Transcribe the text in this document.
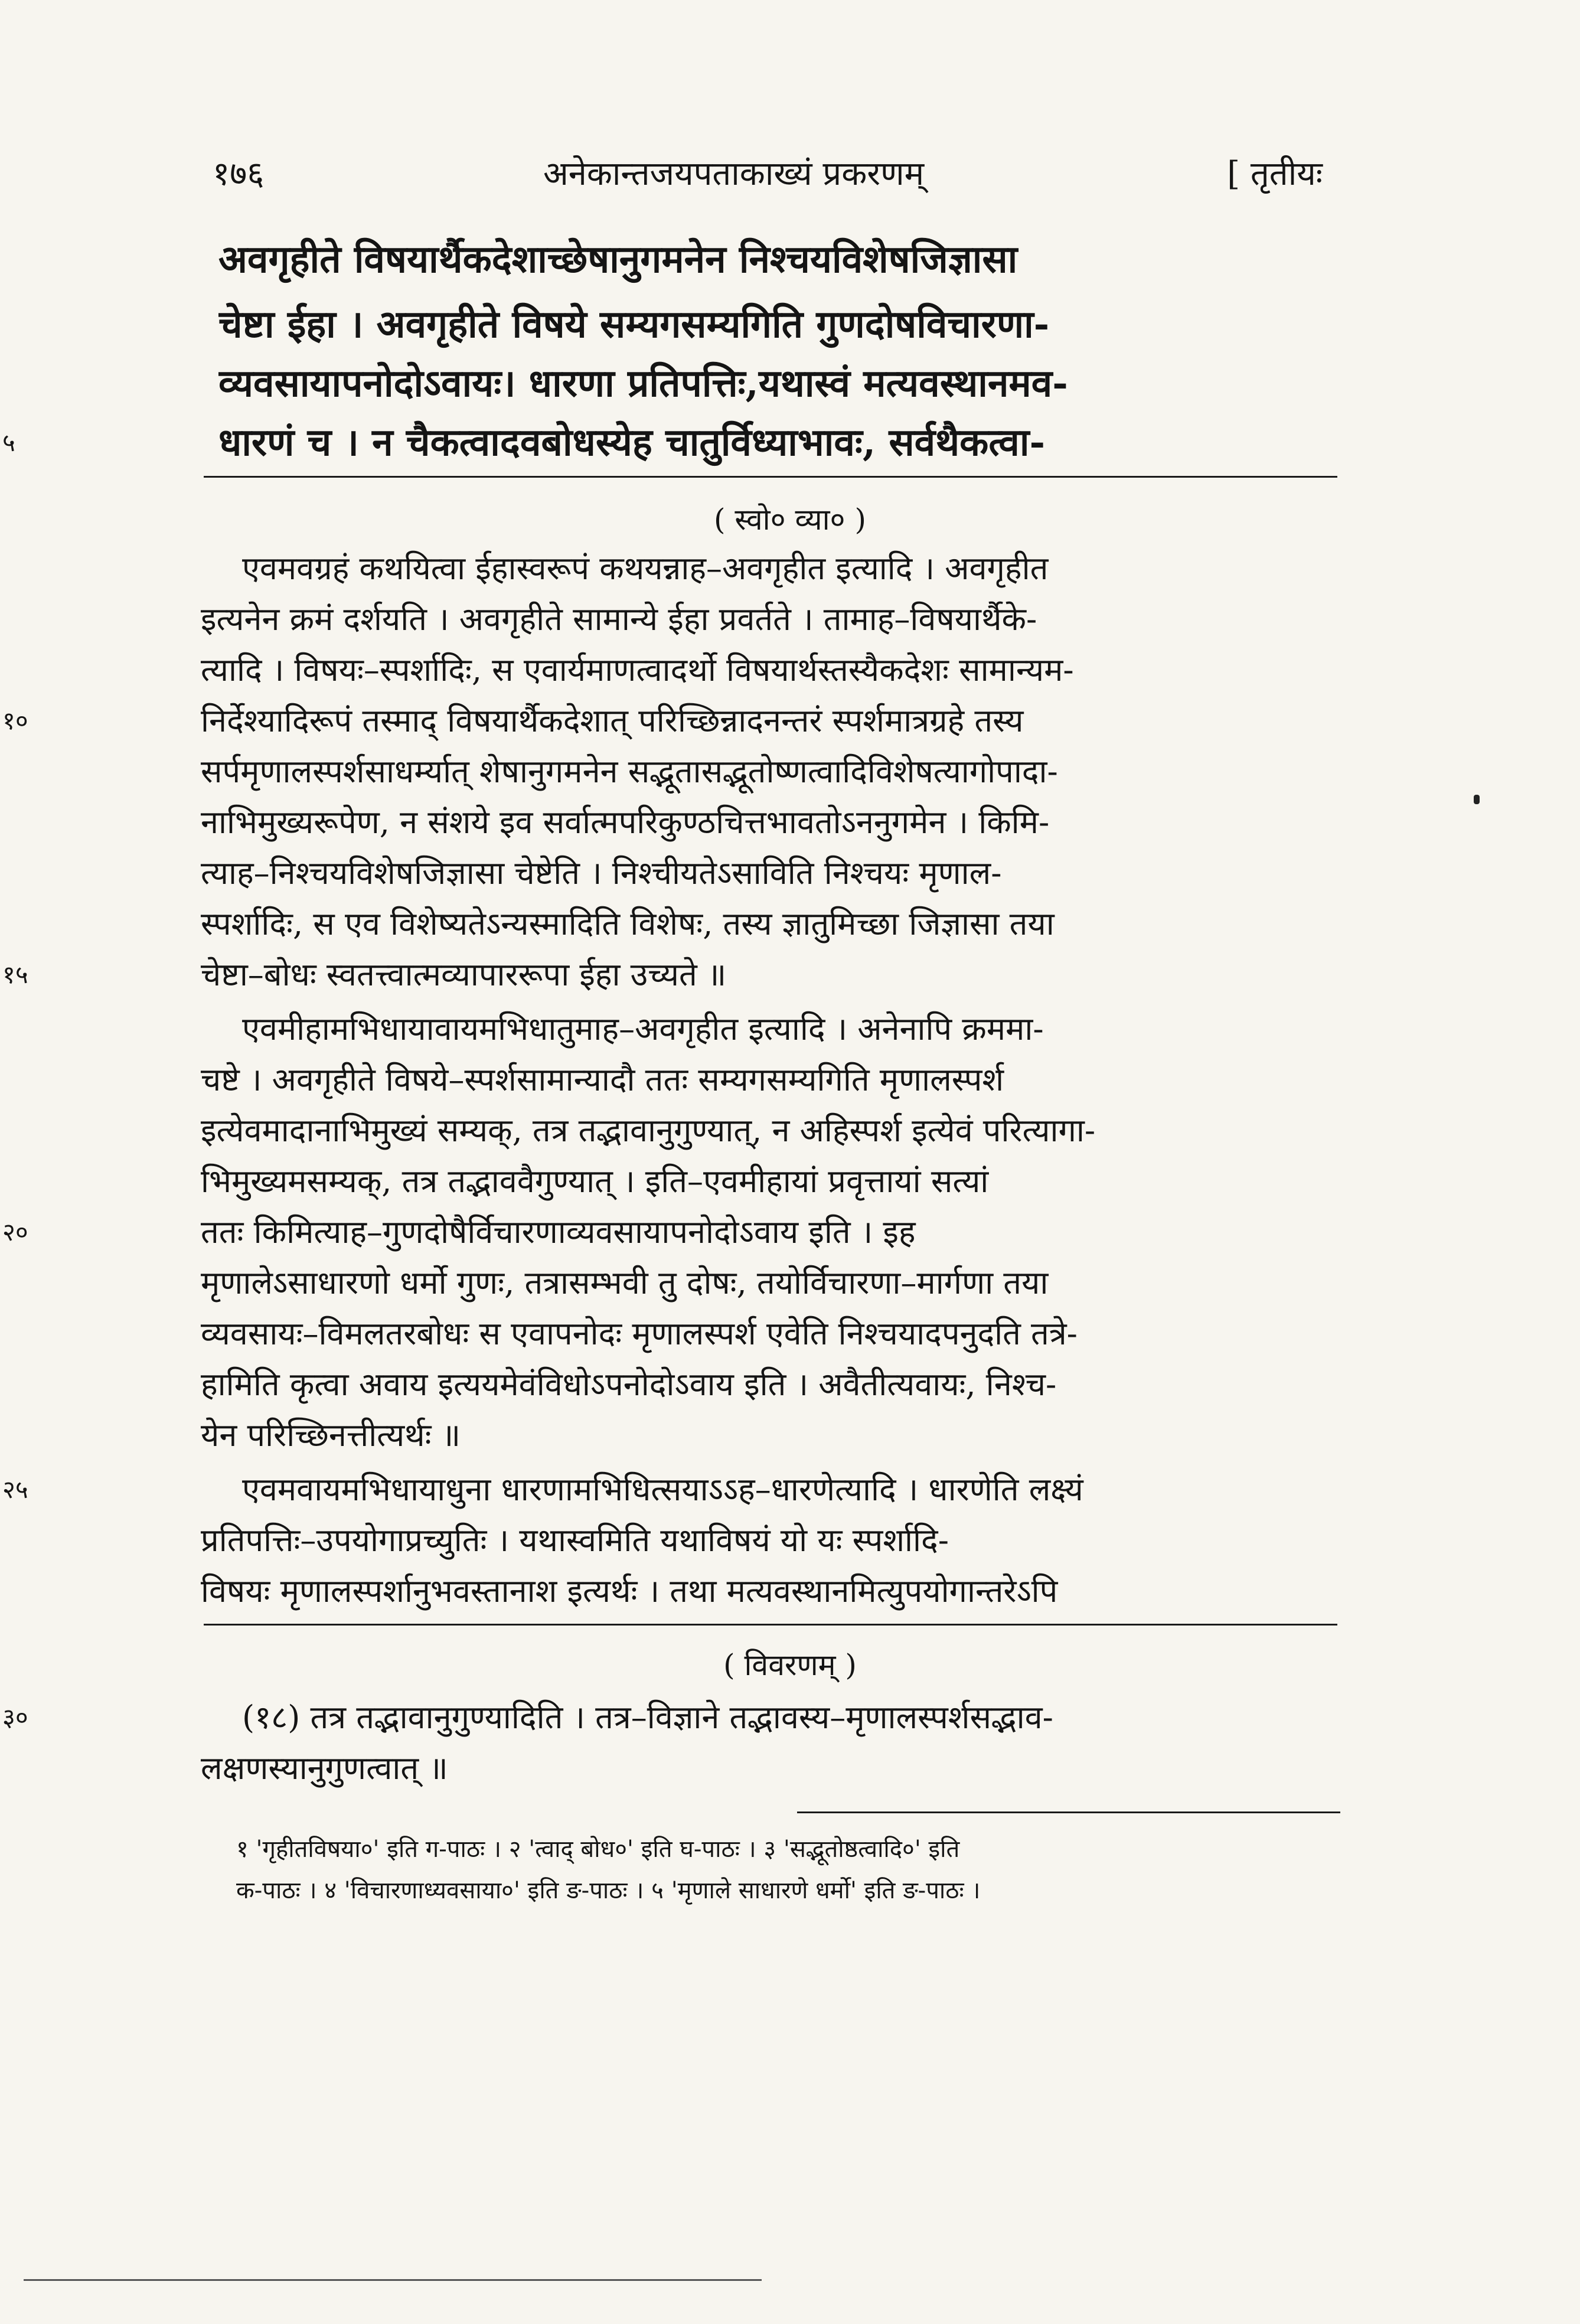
१७६	अनेकान्तजयपताकाख्यं प्रकरणम्	[ तृतीयः
अवगृहीते विषयार्थैकदेशाच्छेषानुगमनेन निश्चयविशेषजिज्ञासा
चेष्टा ईहा । अवगृहीते विषये सम्यगसम्यगिति गुणदोषविचारणा-
व्यवसायापनोदोऽवायः। धारणा प्रतिपत्तिः,यथास्वं मत्यवस्थानमव-
५	धारणं च । न चैकत्वादवबोधस्येह चातुर्विध्याभावः, सर्वथैकत्वा-
( स्वो० व्या० )
एवमवग्रहं कथयित्वा ईहास्वरूपं कथयन्नाह–अवगृहीत इत्यादि । अवगृहीत
इत्यनेन क्रमं दर्शयति । अवगृहीते सामान्ये ईहा प्रवर्तते । तामाह–विषयार्थैके-
त्यादि । विषयः–स्पर्शादिः, स एवार्यमाणत्वादर्थो विषयार्थस्तस्यैकदेशः सामान्यम-
१०	निर्देश्यादिरूपं तस्माद् विषयार्थैकदेशात् परिच्छिन्नादनन्तरं स्पर्शमात्रग्रहे तस्य
सर्पमृणालस्पर्शसाधर्म्यात् शेषानुगमनेन सद्भूतासद्भूतोष्णत्वादिविशेषत्यागोपादा-
नाभिमुख्यरूपेण, न संशये इव सर्वात्मपरिकुण्ठचित्तभावतोऽननुगमेन । किमि-
त्याह–निश्चयविशेषजिज्ञासा चेष्टेति । निश्चीयतेऽसाविति निश्चयः मृणाल-
स्पर्शादिः, स एव विशेष्यतेऽन्यस्मादिति विशेषः, तस्य ज्ञातुमिच्छा जिज्ञासा तया
१५	चेष्टा–बोधः स्वतत्त्वात्मव्यापाररूपा ईहा उच्यते ॥
एवमीहामभिधायावायमभिधातुमाह–अवगृहीत इत्यादि । अनेनापि क्रममा-
चष्टे । अवगृहीते विषये–स्पर्शसामान्यादौ ततः सम्यगसम्यगिति मृणालस्पर्श
इत्येवमादानाभिमुख्यं सम्यक्, तत्र तद्भावानुगुण्यात्, न अहिस्पर्श इत्येवं परित्यागा-
भिमुख्यमसम्यक्, तत्र तद्भाववैगुण्यात् । इति–एवमीहायां प्रवृत्तायां सत्यां
२०	ततः किमित्याह–गुणदोषैर्विचारणाव्यवसायापनोदोऽवाय इति । इह
मृणालेऽसाधारणो धर्मो गुणः, तत्रासम्भवी तु दोषः, तयोर्विचारणा–मार्गणा तया
व्यवसायः–विमलतरबोधः स एवापनोदः मृणालस्पर्श एवेति निश्चयादपनुदति तत्रे-
हामिति कृत्वा अवाय इत्ययमेवंविधोऽपनोदोऽवाय इति । अवैतीत्यवायः, निश्च-
येन परिच्छिनत्तीत्यर्थः ॥
२५	एवमवायमभिधायाधुना धारणामभिधित्सयाऽऽह–धारणेत्यादि । धारणेति लक्ष्यं
प्रतिपत्तिः–उपयोगाप्रच्युतिः । यथास्वमिति यथाविषयं यो यः स्पर्शादि-
विषयः मृणालस्पर्शानुभवस्तानाश इत्यर्थः । तथा मत्यवस्थानमित्युपयोगान्तरेऽपि
( विवरणम् )
३०	(१८) तत्र तद्भावानुगुण्यादिति । तत्र–विज्ञाने तद्भावस्य–मृणालस्पर्शसद्भाव-
लक्षणस्यानुगुणत्वात् ॥
१ 'गृहीतविषया०' इति ग-पाठः । २ 'त्वाद् बोध०' इति घ-पाठः । ३ 'सद्भूतोष्ठत्वादि०' इति
क-पाठः । ४ 'विचारणाध्यवसाया०' इति ङ-पाठः । ५ 'मृणाले साधारणे धर्मो' इति ङ-पाठः ।
